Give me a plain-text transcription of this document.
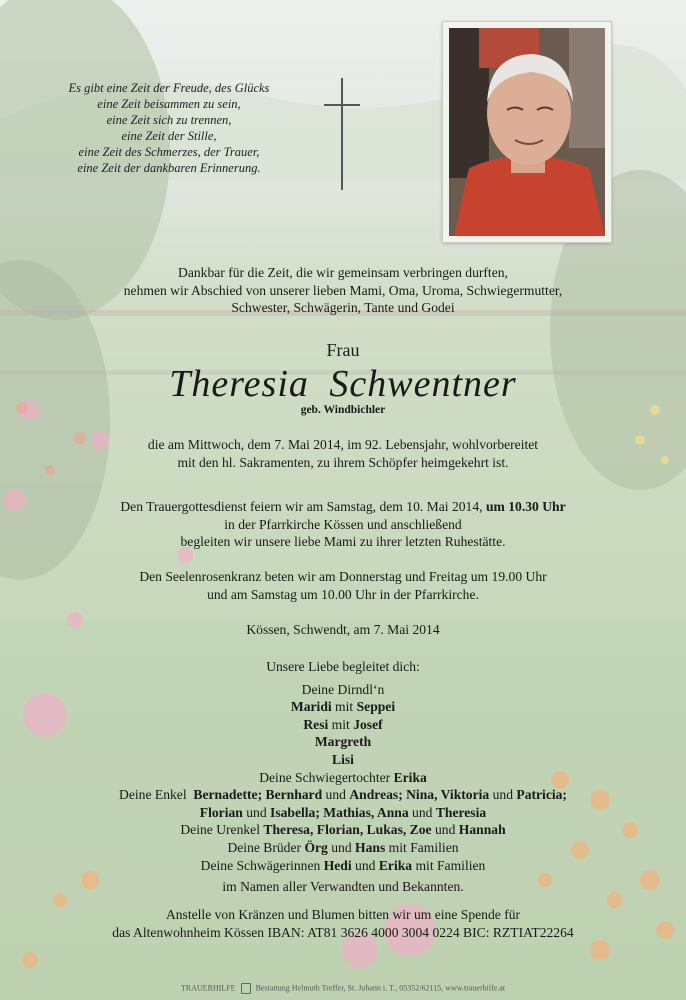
Es gibt eine Zeit der Freude, des Glücks
eine Zeit beisammen zu sein,
eine Zeit sich zu trennen,
eine Zeit der Stille,
eine Zeit des Schmerzes, der Trauer,
eine Zeit der dankbaren Erinnerung.
Dankbar für die Zeit, die wir gemeinsam verbringen durften,
nehmen wir Abschied von unserer lieben Mami, Oma, Uroma, Schwiegermutter,
Schwester, Schwägerin, Tante und Godei
Frau
Theresia Schwentner
geb. Windbichler
die am Mittwoch, dem 7. Mai 2014, im 92. Lebensjahr, wohlvorbereitet
mit den hl. Sakramenten, zu ihrem Schöpfer heimgekehrt ist.
Den Trauergottesdienst feiern wir am Samstag, dem 10. Mai 2014, um 10.30 Uhr
in der Pfarrkirche Kössen und anschließend
begleiten wir unsere liebe Mami zu ihrer letzten Ruhestätte.
Den Seelenrosenkranz beten wir am Donnerstag und Freitag um 19.00 Uhr
und am Samstag um 10.00 Uhr in der Pfarrkirche.
Kössen, Schwendt, am 7. Mai 2014
Unsere Liebe begleitet dich:
Deine Dirndl‘n
Maridi mit Seppei
Resi mit Josef
Margreth
Lisi
Deine Schwiegertochter Erika
Deine Enkel  Bernadette; Bernhard und Andreas; Nina, Viktoria und Patricia;
Florian und Isabella; Mathias, Anna und Theresia
Deine Urenkel Theresa, Florian, Lukas, Zoe und Hannah
Deine Brüder Örg und Hans mit Familien
Deine Schwägerinnen Hedi und Erika mit Familien
im Namen aller Verwandten und Bekannten.
Anstelle von Kränzen und Blumen bitten wir um eine Spende für
das Altenwohnheim Kössen IBAN: AT81 3626 4000 3004 0224 BIC: RZTIAT22264
TRAUERHILFE	Bestattung Helmuth Treffer, St. Johann i. T., 05352/62115, www.trauerhilfe.at
